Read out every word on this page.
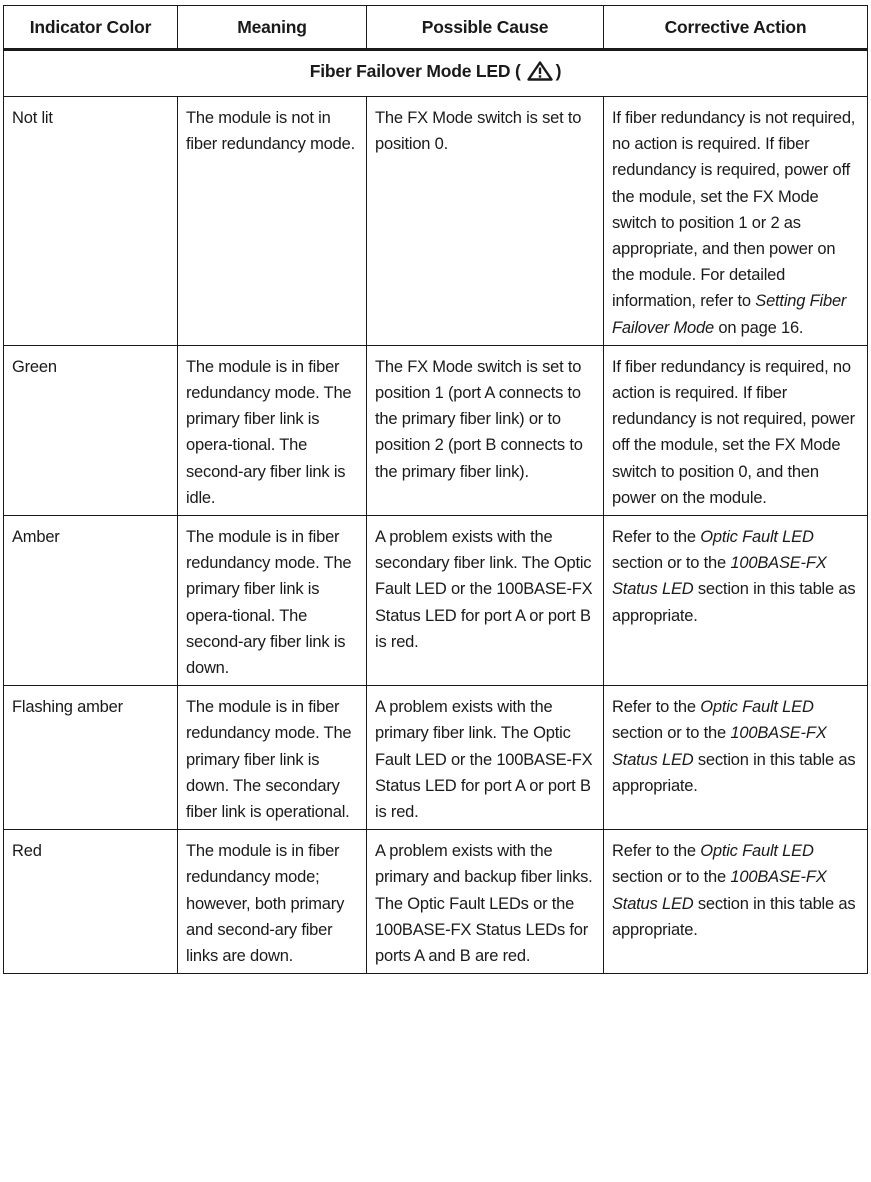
Indicator Color	Meaning	Possible Cause	Corrective Action
Fiber Failover Mode LED ( )			
Not lit	The module is not in fiber redundancy mode.	The FX Mode switch is set to position 0.	If fiber redundancy is not required, no action is required. If fiber redundancy is required, power off the module, set the FX Mode switch to position 1 or 2 as appropriate, and then power on the module. For detailed information, refer to Setting Fiber Failover Mode on page 16.
Green	The module is in fiber redundancy mode. The primary fiber link is opera-tional. The second-ary fiber link is idle.	The FX Mode switch is set to position 1 (port A connects to the primary fiber link) or to position 2 (port B connects to the primary fiber link).	If fiber redundancy is required, no action is required. If fiber redundancy is not required, power off the module, set the FX Mode switch to position 0, and then power on the module.
Amber	The module is in fiber redundancy mode. The primary fiber link is opera-tional. The second-ary fiber link is down.	A problem exists with the secondary fiber link. The Optic Fault LED or the 100BASE-FX Status LED for port A or port B is red.	Refer to the Optic Fault LED section or to the 100BASE-FX Status LED section in this table as appropriate.
Flashing amber	The module is in fiber redundancy mode. The primary fiber link is down. The secondary fiber link is operational.	A problem exists with the primary fiber link. The Optic Fault LED or the 100BASE-FX Status LED for port A or port B is red.	Refer to the Optic Fault LED section or to the 100BASE-FX Status LED section in this table as appropriate.
Red	The module is in fiber redundancy mode; however, both primary and second-ary fiber links are down.	A problem exists with the primary and backup fiber links. The Optic Fault LEDs or the 100BASE-FX Status LEDs for ports A and B are red.	Refer to the Optic Fault LED section or to the 100BASE-FX Status LED section in this table as appropriate.
